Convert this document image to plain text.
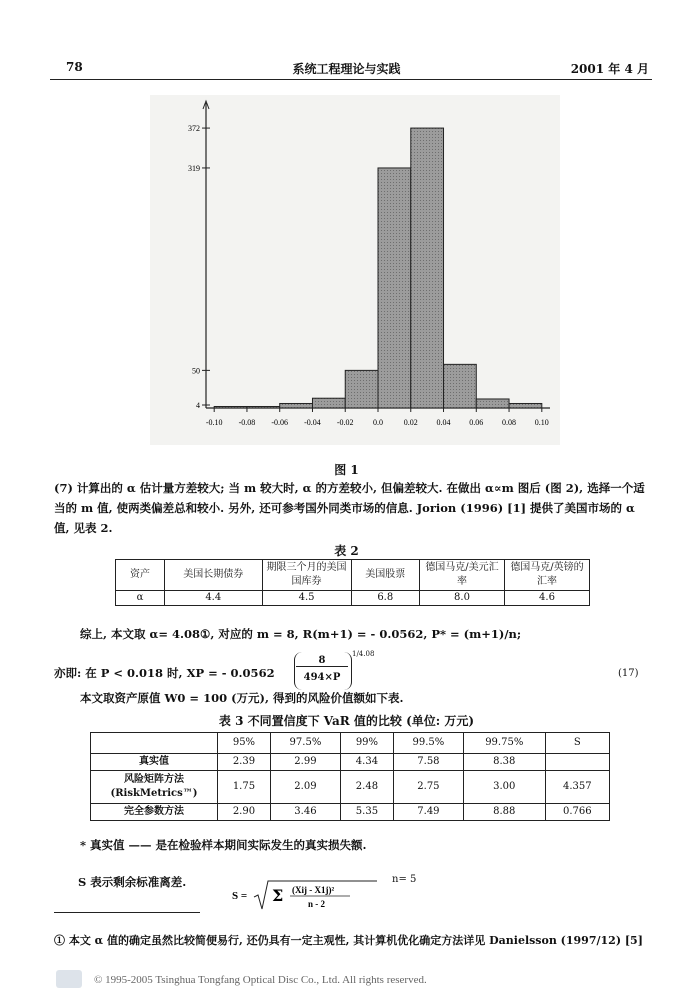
78	系统工程理论与实践	2001 年 4 月
-0.10 -0.08 -0.06 -0.04 -0.02 0.0	0.02 0.04 0.06 0.08 0.10
372
319
50
4
图 1

(7) 计算出的 α 估计量方差较大; 当 m 较大时, α 的方差较小, 但偏差较大. 在做出 α∝m 图后 (图 2), 选择一个适当的 m 值, 使两类偏差总和较小. 另外, 还可参考国外同类市场的信息. Jorion (1996) [1] 提供了美国市场的 α 值, 见表 2.

表 2
资产	美国长期债券	期限三个月的美国国库券	美国股票	德国马克/美元汇率	德国马克/英镑的汇率
α	4.4	4.5	6.8	8.0	4.6
综上, 本文取 α= 4.08①, 对应的 m = 8, R(m+1) = - 0.0562, P* = (m+1)/n;
亦即: 在 P < 0.018 时, XP = - 0.0562
8
494×P
1/4.08
(17)
本文取资产原值 W0 = 100 (万元), 得到的风险价值额如下表.
表 3 不同置信度下 VaR 值的比较 (单位: 万元)
	95%	97.5%	99%	99.5%	99.75%	S
真实值	2.39	2.99	4.34	7.58	8.38	
风险矩阵方法 (RiskMetrics™)	1.75	2.09	2.48	2.75	3.00	4.357
完全参数方法	2.90	3.46	5.35	7.49	8.88	0.766
* 真实值 —— 是在检验样本期间实际发生的真实损失额.
S 表示剩余标准离差.
S = Σ (Xij - X1j)²
n - 2
n= 5
① 本文 α 值的确定虽然比较简便易行, 还仍具有一定主观性, 其计算机优化确定方法详见 Danielsson (1997/12) [5]
© 1995-2005 Tsinghua Tongfang Optical Disc Co., Ltd. All rights reserved.
